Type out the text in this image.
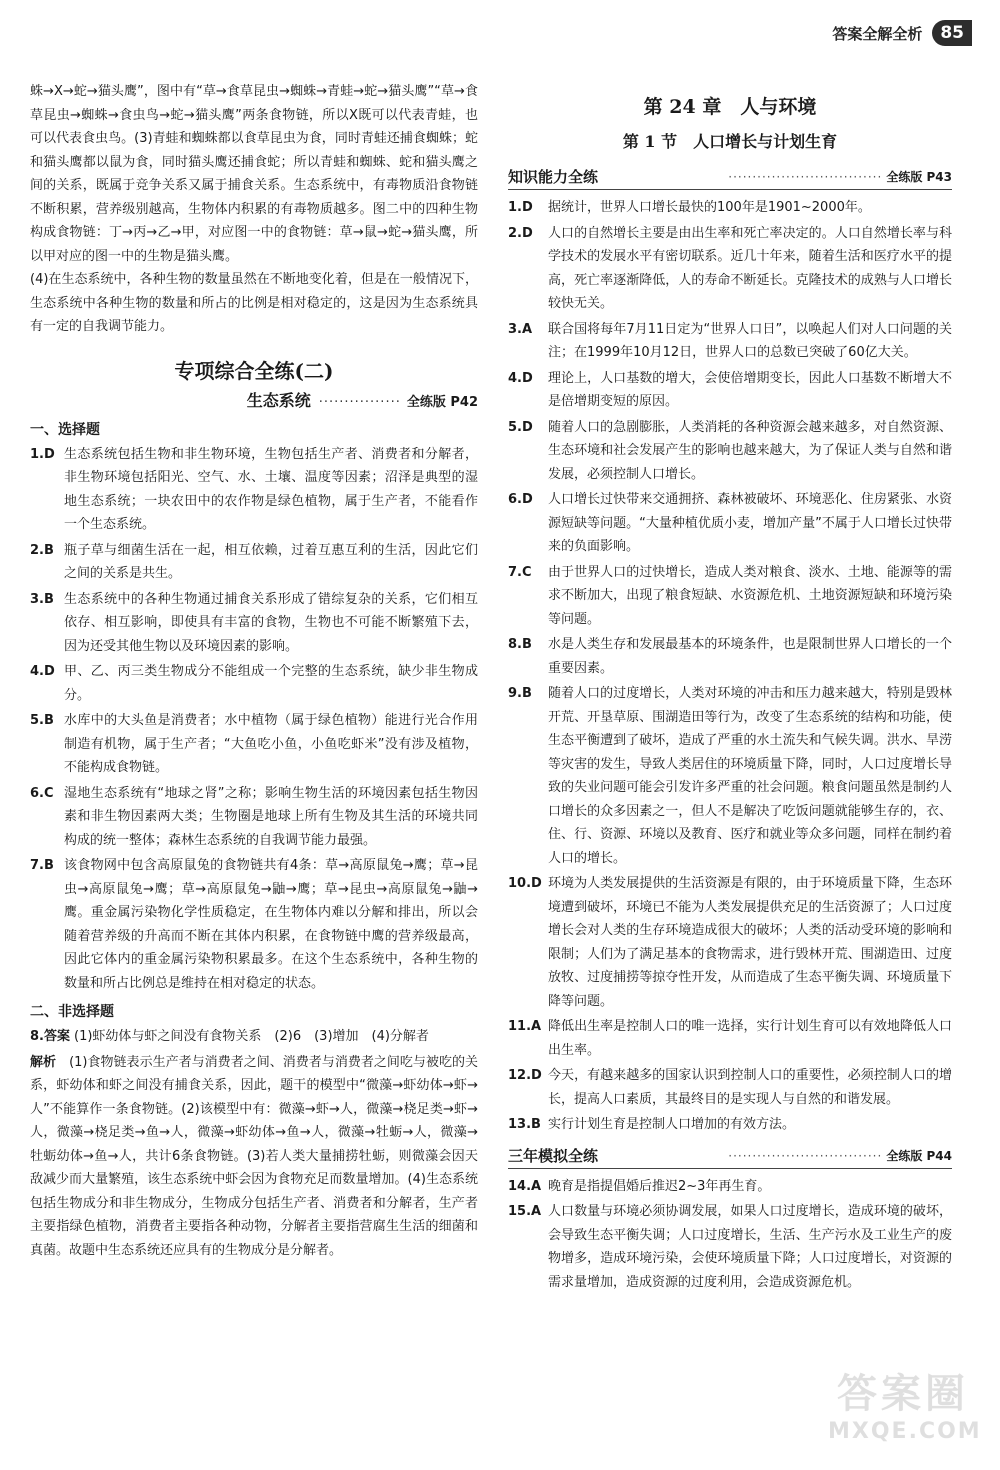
答案全解全析	85

蛛→X→蛇→猫头鹰”，图中有“草→食草昆虫→蜘蛛→青蛙→蛇→猫头鹰”“草→食草昆虫→蜘蛛→食虫鸟→蛇→猫头鹰”两条食物链，所以X既可以代表青蛙，也可以代表食虫鸟。(3)青蛙和蜘蛛都以食草昆虫为食，同时青蛙还捕食蜘蛛；蛇和猫头鹰都以鼠为食，同时猫头鹰还捕食蛇；所以青蛙和蜘蛛、蛇和猫头鹰之间的关系，既属于竞争关系又属于捕食关系。生态系统中，有毒物质沿食物链不断积累，营养级别越高，生物体内积累的有毒物质越多。图二中的四种生物构成食物链：丁→丙→乙→甲，对应图一中的食物链：草→鼠→蛇→猫头鹰，所以甲对应的图一中的生物是猫头鹰。

(4)在生态系统中，各种生物的数量虽然在不断地变化着，但是在一般情况下，生态系统中各种生物的数量和所占的比例是相对稳定的，这是因为生态系统具有一定的自我调节能力。

专项综合全练(二)
生态系统 ················ 全练版 P42
一、选择题
1.D 生态系统包括生物和非生物环境，生物包括生产者、消费者和分解者，非生物环境包括阳光、空气、水、土壤、温度等因素；沼泽是典型的湿地生态系统；一块农田中的农作物是绿色植物，属于生产者，不能看作一个生态系统。
2.B 瓶子草与细菌生活在一起，相互依赖，过着互惠互利的生活，因此它们之间的关系是共生。
3.B 生态系统中的各种生物通过捕食关系形成了错综复杂的关系，它们相互依存、相互影响，即使具有丰富的食物，生物也不可能不断繁殖下去，因为还受其他生物以及环境因素的影响。
4.D 甲、乙、丙三类生物成分不能组成一个完整的生态系统，缺少非生物成分。
5.B 水库中的大头鱼是消费者；水中植物（属于绿色植物）能进行光合作用制造有机物，属于生产者；“大鱼吃小鱼，小鱼吃虾米”没有涉及植物，不能构成食物链。
6.C 湿地生态系统有“地球之肾”之称；影响生物生活的环境因素包括生物因素和非生物因素两大类；生物圈是地球上所有生物及其生活的环境共同构成的统一整体；森林生态系统的自我调节能力最强。
7.B 该食物网中包含高原鼠兔的食物链共有4条：草→高原鼠兔→鹰；草→昆虫→高原鼠兔→鹰；草→高原鼠兔→鼬→鹰；草→昆虫→高原鼠兔→鼬→鹰。重金属污染物化学性质稳定，在生物体内难以分解和排出，所以会随着营养级的升高而不断在其体内积累，在食物链中鹰的营养级最高，因此它体内的重金属污染物积累最多。在这个生态系统中，各种生物的数量和所占比例总是维持在相对稳定的状态。
二、非选择题
8.答案 (1)虾幼体与虾之间没有食物关系　(2)6　(3)增加　(4)分解者

解析　 (1)食物链表示生产者与消费者之间、消费者与消费者之间吃与被吃的关系，虾幼体和虾之间没有捕食关系，因此，题干的模型中“微藻→虾幼体→虾→人”不能算作一条食物链。(2)该模型中有：微藻→虾→人，微藻→桡足类→虾→人，微藻→桡足类→鱼→人，微藻→虾幼体→鱼→人，微藻→牡蛎→人，微藻→牡蛎幼体→鱼→人，共计6条食物链。(3)若人类大量捕捞牡蛎，则微藻会因天敌减少而大量繁殖，该生态系统中虾会因为食物充足而数量增加。(4)生态系统包括生物成分和非生物成分，生物成分包括生产者、消费者和分解者，生产者主要指绿色植物，消费者主要指各种动物，分解者主要指营腐生生活的细菌和真菌。故题中生态系统还应具有的生物成分是分解者。

第 24 章　人与环境
第 1 节　人口增长与计划生育
知识能力全练	································ 全练版 P43
1.D	据统计，世界人口增长最快的100年是1901~2000年。
2.D	人口的自然增长主要是由出生率和死亡率决定的。人口自然增长率与科学技术的发展水平有密切联系。近几十年来，随着生活和医疗水平的提高，死亡率逐渐降低，人的寿命不断延长。克隆技术的成熟与人口增长较快无关。
3.A	联合国将每年7月11日定为“世界人口日”，以唤起人们对人口问题的关注；在1999年10月12日，世界人口的总数已突破了60亿大关。
4.D	理论上，人口基数的增大，会使倍增期变长，因此人口基数不断增大不是倍增期变短的原因。
5.D	随着人口的急剧膨胀，人类消耗的各种资源会越来越多，对自然资源、生态环境和社会发展产生的影响也越来越大，为了保证人类与自然和谐发展，必须控制人口增长。
6.D	人口增长过快带来交通拥挤、森林被破坏、环境恶化、住房紧张、水资源短缺等问题。“大量种植优质小麦，增加产量”不属于人口增长过快带来的负面影响。
7.C	由于世界人口的过快增长，造成人类对粮食、淡水、土地、能源等的需求不断加大，出现了粮食短缺、水资源危机、土地资源短缺和环境污染等问题。
8.B	水是人类生存和发展最基本的环境条件，也是限制世界人口增长的一个重要因素。
9.B	随着人口的过度增长，人类对环境的冲击和压力越来越大，特别是毁林开荒、开垦草原、围湖造田等行为，改变了生态系统的结构和功能，使生态平衡遭到了破坏，造成了严重的水土流失和气候失调。洪水、旱涝等灾害的发生，导致人类居住的环境质量下降，同时，人口过度增长导致的失业问题可能会引发许多严重的社会问题。粮食问题虽然是制约人口增长的众多因素之一，但人不是解决了吃饭问题就能够生存的，衣、住、行、资源、环境以及教育、医疗和就业等众多问题，同样在制约着人口的增长。
10.D 环境为人类发展提供的生活资源是有限的，由于环境质量下降，生态环境遭到破坏，环境已不能为人类发展提供充足的生活资源了；人口过度增长会对人类的生存环境造成很大的破坏；人类的活动受环境的影响和限制；人们为了满足基本的食物需求，进行毁林开荒、围湖造田、过度放牧、过度捕捞等掠夺性开发，从而造成了生态平衡失调、环境质量下降等问题。
11.A 降低出生率是控制人口的唯一选择，实行计划生育可以有效地降低人口出生率。
12.D 今天，有越来越多的国家认识到控制人口的重要性，必须控制人口的增长，提高人口素质，其最终目的是实现人与自然的和谐发展。
13.B 实行计划生育是控制人口增加的有效方法。
三年模拟全练	································ 全练版 P44
14.A 晚育是指提倡婚后推迟2~3年再生育。
15.A 人口数量与环境必须协调发展，如果人口过度增长，造成环境的破坏，会导致生态平衡失调；人口过度增长，生活、生产污水及工业生产的废物增多，造成环境污染，会使环境质量下降；人口过度增长，对资源的需求量增加，造成资源的过度利用，会造成资源危机。
答案圈
MXQE.COM
